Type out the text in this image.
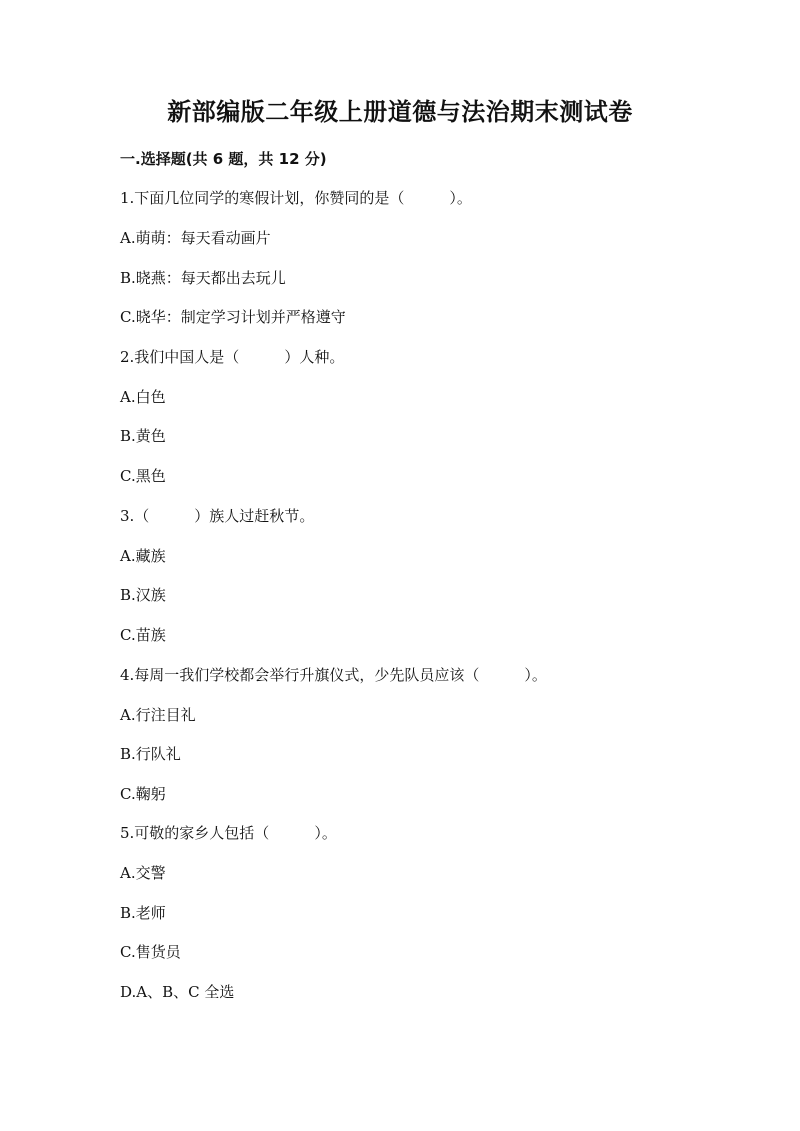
新部编版二年级上册道德与法治期末测试卷
一.选择题(共 6 题，共 12 分)
1.下面几位同学的寒假计划，你赞同的是（　　　）。
A.萌萌：每天看动画片
B.晓燕：每天都出去玩儿
C.晓华：制定学习计划并严格遵守
2.我们中国人是（　　　）人种。
A.白色
B.黄色
C.黑色
3.（　　　）族人过赶秋节。
A.藏族
B.汉族
C.苗族
4.每周一我们学校都会举行升旗仪式，少先队员应该（　　　）。
A.行注目礼
B.行队礼
C.鞠躬
5.可敬的家乡人包括（　　　）。
A.交警
B.老师
C.售货员
D.A、B、C 全选
